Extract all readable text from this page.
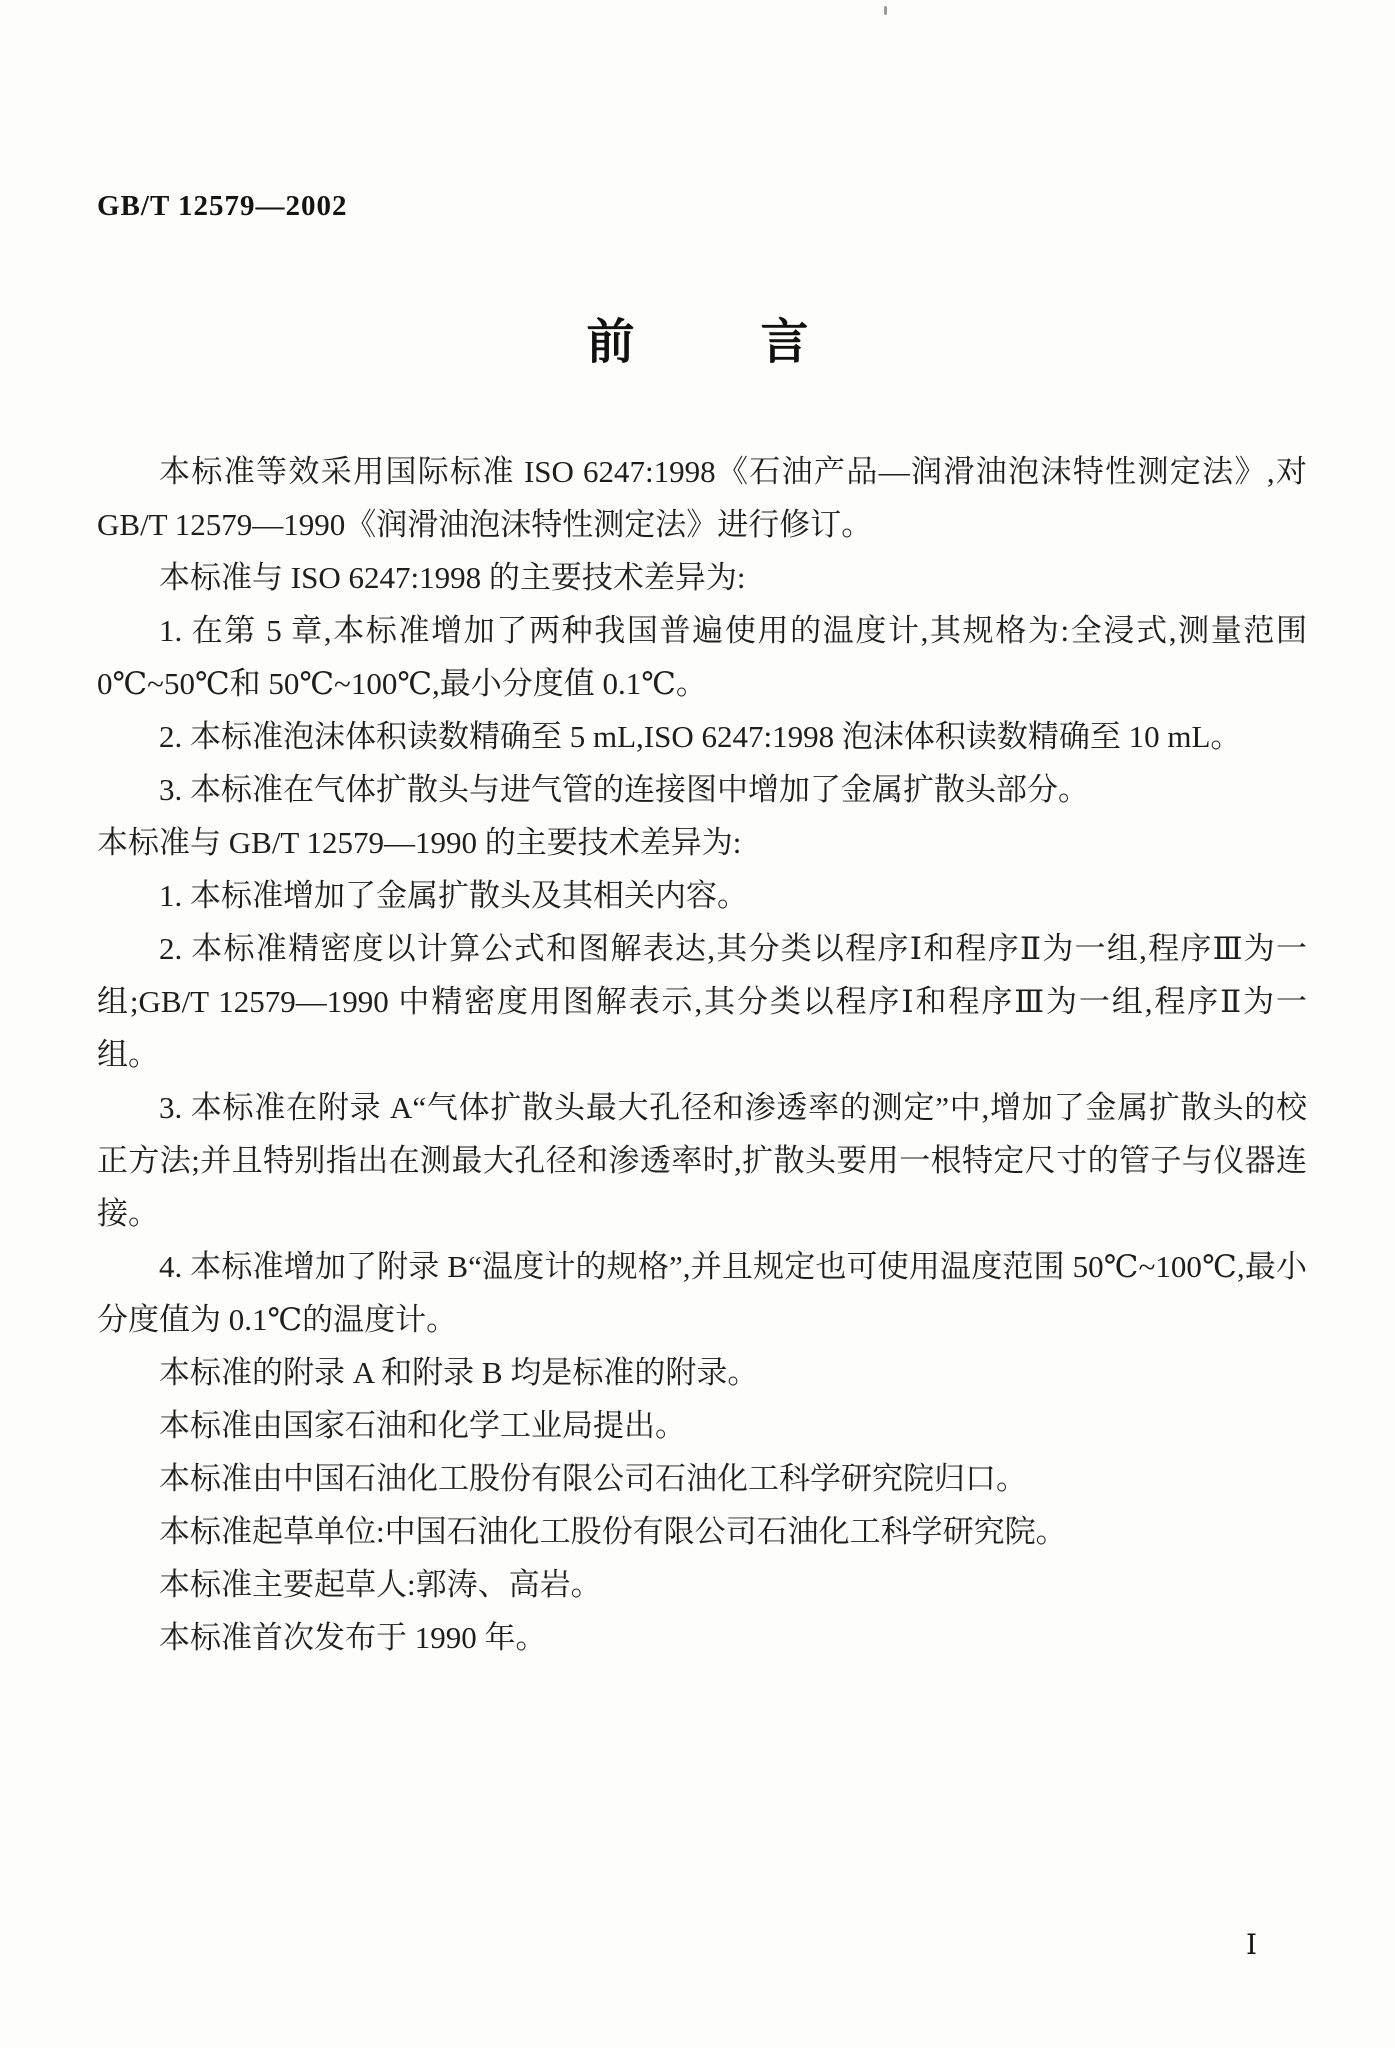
GB/T 12579—2002
前	言

本标准等效采用国际标准 ISO 6247:1998《石油产品—润滑油泡沫特性测定法》,对 GB/T 12579—1990《润滑油泡沫特性测定法》进行修订。

本标准与 ISO 6247:1998 的主要技术差异为:

1. 在第 5 章,本标准增加了两种我国普遍使用的温度计,其规格为:全浸式,测量范围 0℃~50℃和 50℃~100℃,最小分度值 0.1℃。

2. 本标准泡沫体积读数精确至 5 mL,ISO 6247:1998 泡沫体积读数精确至 10 mL。

3. 本标准在气体扩散头与进气管的连接图中增加了金属扩散头部分。

本标准与 GB/T 12579—1990 的主要技术差异为:

1. 本标准增加了金属扩散头及其相关内容。

2. 本标准精密度以计算公式和图解表达,其分类以程序Ⅰ和程序Ⅱ为一组,程序Ⅲ为一组;GB/T 12579—1990 中精密度用图解表示,其分类以程序Ⅰ和程序Ⅲ为一组,程序Ⅱ为一组。

3. 本标准在附录 A“气体扩散头最大孔径和渗透率的测定”中,增加了金属扩散头的校正方法;并且特别指出在测最大孔径和渗透率时,扩散头要用一根特定尺寸的管子与仪器连接。

4. 本标准增加了附录 B“温度计的规格”,并且规定也可使用温度范围 50℃~100℃,最小分度值为 0.1℃的温度计。

本标准的附录 A 和附录 B 均是标准的附录。

本标准由国家石油和化学工业局提出。

本标准由中国石油化工股份有限公司石油化工科学研究院归口。

本标准起草单位:中国石油化工股份有限公司石油化工科学研究院。

本标准主要起草人:郭涛、高岩。

本标准首次发布于 1990 年。

Ⅰ
